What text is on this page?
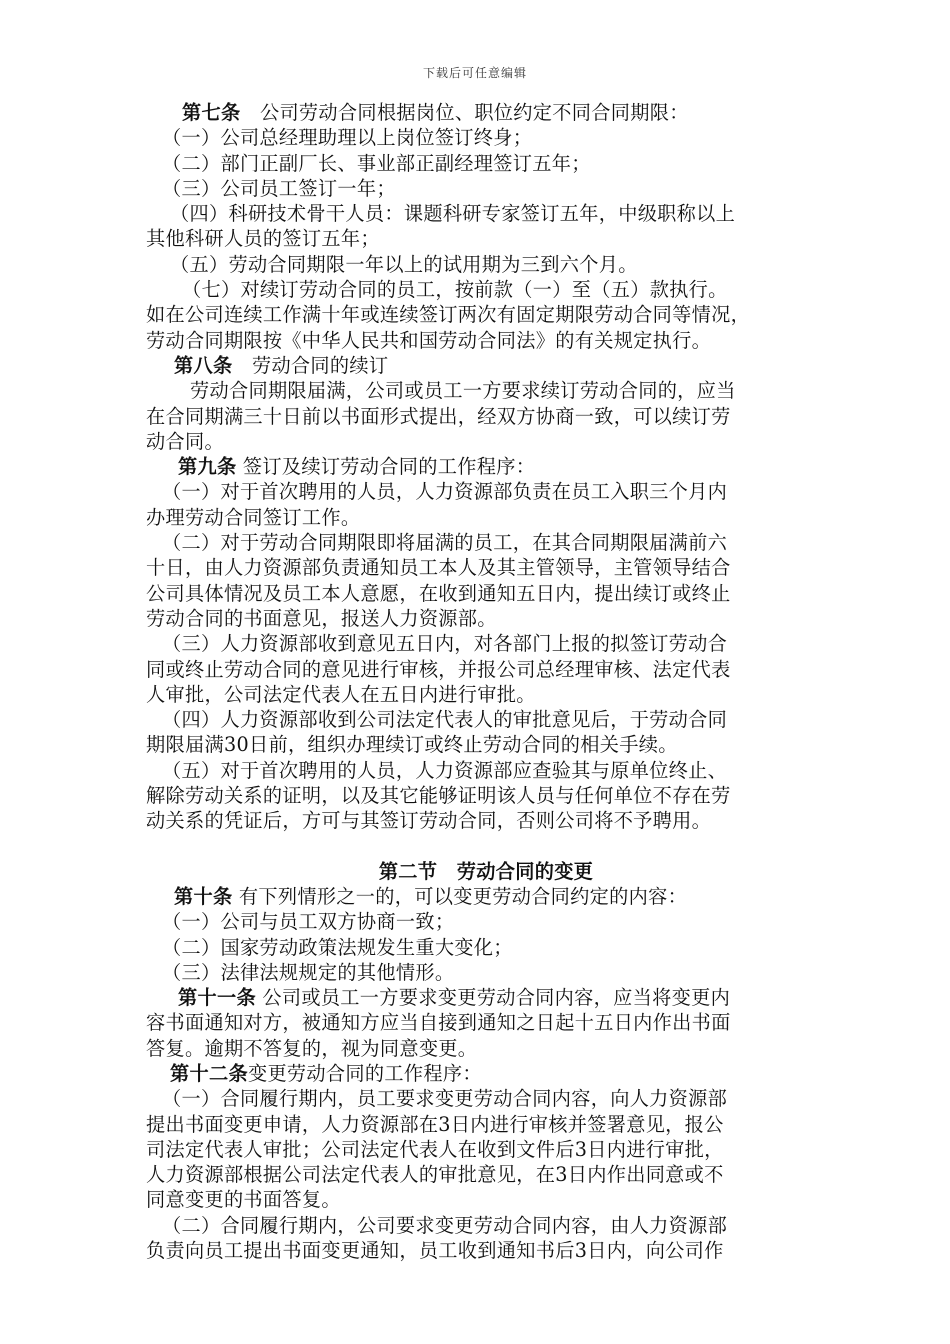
下载后可任意编辑
第七条　公司劳动合同根据岗位、职位约定不同合同期限：
（一）公司总经理助理以上岗位签订终身；
（二）部门正副厂长、事业部正副经理签订五年；
（三）公司员工签订一年；
（四）科研技术骨干人员：课题科研专家签订五年，中级职称以上
其他科研人员的签订五年；
（五）劳动合同期限一年以上的试用期为三到六个月。
（七）对续订劳动合同的员工，按前款（一）至（五）款执行。
如在公司连续工作满十年或连续签订两次有固定期限劳动合同等情况，
劳动合同期限按《中华人民共和国劳动合同法》的有关规定执行。
第八条　劳动合同的续订
劳动合同期限届满，公司或员工一方要求续订劳动合同的，应当
在合同期满三十日前以书面形式提出，经双方协商一致，可以续订劳
动合同。
第九条 签订及续订劳动合同的工作程序：
（一）对于首次聘用的人员，人力资源部负责在员工入职三个月内
办理劳动合同签订工作。
（二）对于劳动合同期限即将届满的员工，在其合同期限届满前六
十日，由人力资源部负责通知员工本人及其主管领导，主管领导结合
公司具体情况及员工本人意愿，在收到通知五日内，提出续订或终止
劳动合同的书面意见，报送人力资源部。
（三）人力资源部收到意见五日内，对各部门上报的拟签订劳动合
同或终止劳动合同的意见进行审核，并报公司总经理审核、法定代表
人审批，公司法定代表人在五日内进行审批。
（四）人力资源部收到公司法定代表人的审批意见后，于劳动合同
期限届满30日前，组织办理续订或终止劳动合同的相关手续。
（五）对于首次聘用的人员，人力资源部应查验其与原单位终止、
解除劳动关系的证明，以及其它能够证明该人员与任何单位不存在劳
动关系的凭证后，方可与其签订劳动合同，否则公司将不予聘用。
第二节　劳动合同的变更
第十条 有下列情形之一的，可以变更劳动合同约定的内容：
（一）公司与员工双方协商一致；
（二）国家劳动政策法规发生重大变化；
（三）法律法规规定的其他情形。
第十一条 公司或员工一方要求变更劳动合同内容，应当将变更内
容书面通知对方，被通知方应当自接到通知之日起十五日内作出书面
答复。逾期不答复的，视为同意变更。
第十二条变更劳动合同的工作程序：
（一）合同履行期内，员工要求变更劳动合同内容，向人力资源部
提出书面变更申请，人力资源部在3日内进行审核并签署意见，报公
司法定代表人审批；公司法定代表人在收到文件后3日内进行审批，
人力资源部根据公司法定代表人的审批意见，在3日内作出同意或不
同意变更的书面答复。
（二）合同履行期内，公司要求变更劳动合同内容，由人力资源部
负责向员工提出书面变更通知，员工收到通知书后3日内，向公司作
